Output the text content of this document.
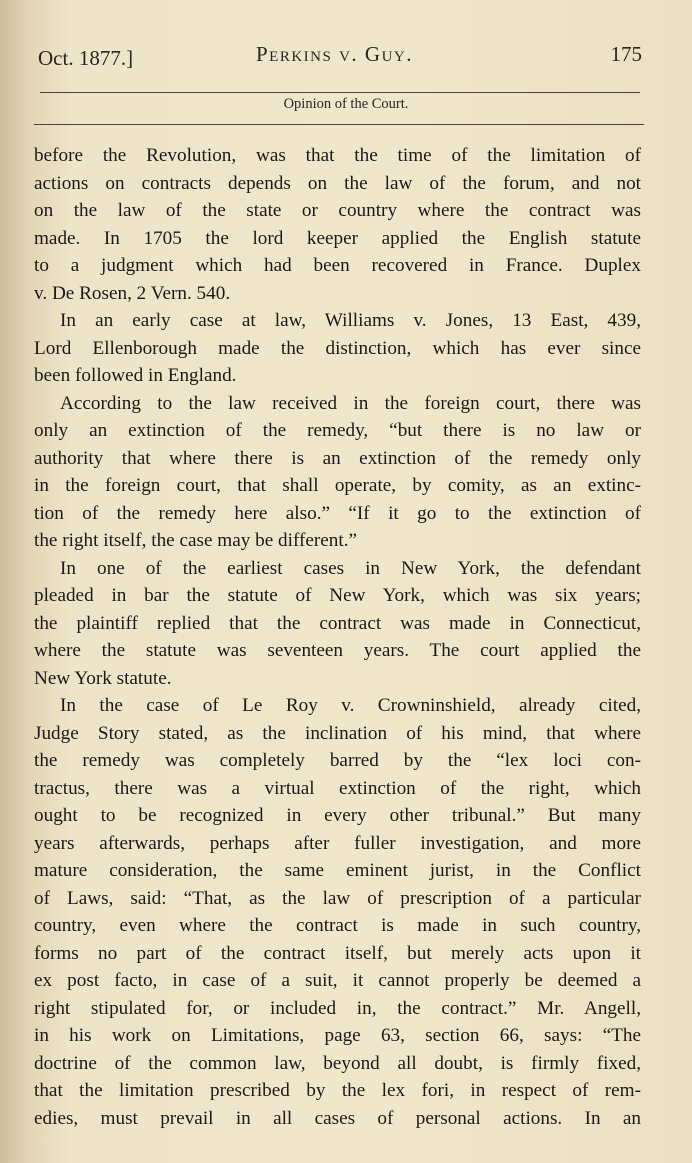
Oct. 1877.]	Perkins v. Guy.	175
Opinion of the Court.
before the Revolution, was that the time of the limitation of
actions on contracts depends on the law of the forum, and not
on the law of the state or country where the contract was
made. In 1705 the lord keeper applied the English statute
to a judgment which had been recovered in France. Duplex
v. De Rosen, 2 Vern. 540.
In an early case at law, Williams v. Jones, 13 East, 439,
Lord Ellenborough made the distinction, which has ever since
been followed in England.
According to the law received in the foreign court, there was
only an extinction of the remedy, “but there is no law or
authority that where there is an extinction of the remedy only
in the foreign court, that shall operate, by comity, as an extinc-
tion of the remedy here also.” “If it go to the extinction of
the right itself, the case may be different.”
In one of the earliest cases in New York, the defendant
pleaded in bar the statute of New York, which was six years;
the plaintiff replied that the contract was made in Connecticut,
where the statute was seventeen years. The court applied the
New York statute.
In the case of Le Roy v. Crowninshield, already cited,
Judge Story stated, as the inclination of his mind, that where
the remedy was completely barred by the “lex loci con-
tractus, there was a virtual extinction of the right, which
ought to be recognized in every other tribunal.” But many
years afterwards, perhaps after fuller investigation, and more
mature consideration, the same eminent jurist, in the Conflict
of Laws, said: “That, as the law of prescription of a particular
country, even where the contract is made in such country,
forms no part of the contract itself, but merely acts upon it
ex post facto, in case of a suit, it cannot properly be deemed a
right stipulated for, or included in, the contract.” Mr. Angell,
in his work on Limitations, page 63, section 66, says: “The
doctrine of the common law, beyond all doubt, is firmly fixed,
that the limitation prescribed by the lex fori, in respect of rem-
edies, must prevail in all cases of personal actions. In an
